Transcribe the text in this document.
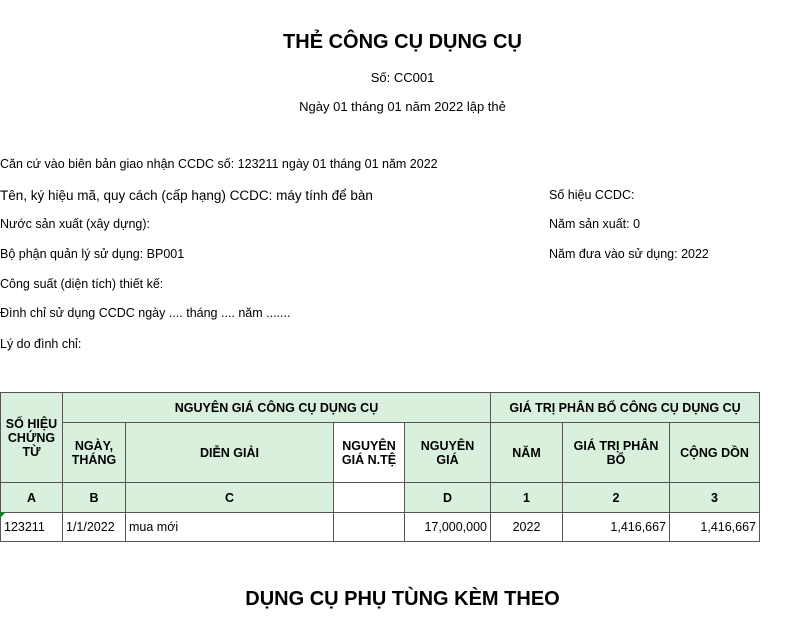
THẺ CÔNG CỤ DỤNG CỤ
Số: CC001
Ngày 01 tháng 01 năm 2022 lập thẻ
Căn cứ vào biên bản giao nhận CCDC số: 123211 ngày 01 tháng 01 năm 2022
Tên, ký hiệu mã, quy cách (cấp hạng) CCDC: máy tính để bàn	Số hiệu CCDC:
Nước sản xuất (xây dựng):	Năm sản xuất: 0
Bộ phận quản lý sử dụng: BP001	Năm đưa vào sử dụng: 2022
Công suất (diện tích) thiết kế:
Đình chỉ sử dụng CCDC ngày .... tháng .... năm .......
Lý do đình chỉ:
SỐ HIỆU CHỨNG TỪ	NGUYÊN GIÁ CÔNG CỤ DỤNG CỤ				GIÁ TRỊ PHÂN BỔ CÔNG CỤ DỤNG CỤ		
	NGÀY, THÁNG	DIỄN GIẢI	NGUYÊN GIÁ N.TỆ	NGUYÊN GIÁ	NĂM	GIÁ TRỊ PHÂN BỔ	CỘNG DỒN
A	B	C		D	1	2	3
123211	1/1/2022	mua mới		17,000,000	2022	1,416,667	1,416,667
DỤNG CỤ PHỤ TÙNG KÈM THEO
